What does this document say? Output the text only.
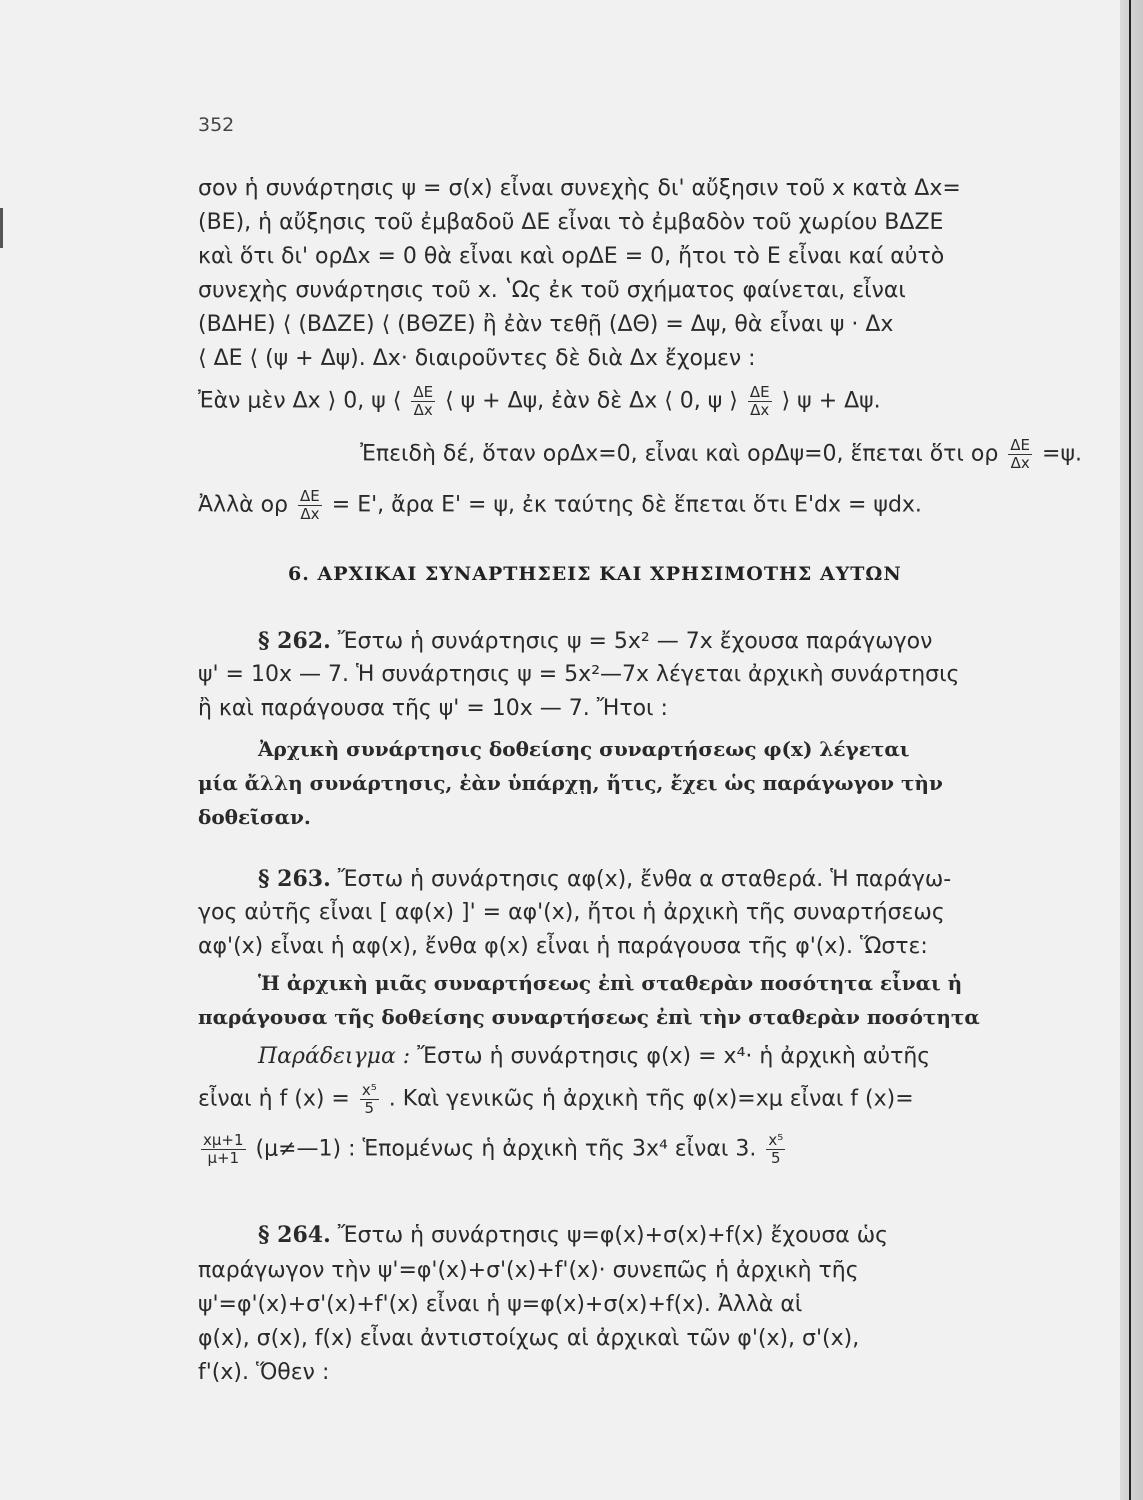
352
σον ἡ συνάρτησις ψ = σ(x) εἶναι συνεχὴς δι' αὔξησιν τοῦ x κατὰ Δx=
(ΒΕ), ἡ αὔξησις τοῦ ἐμβαδοῦ ΔΕ εἶναι τὸ ἐμβαδὸν τοῦ χωρίου ΒΔΖΕ
καὶ ὅτι δι' ορΔx = 0 θὰ εἶναι καὶ ορΔΕ = 0, ἤτοι τὸ Ε εἶναι καί αὐτὸ
συνεχὴς συνάρτησις τοῦ x. ʽΩς ἐκ τοῦ σχήματος φαίνεται, εἶναι
(ΒΔΗΕ) ⟨ (ΒΔΖΕ) ⟨ (ΒΘΖΕ) ἢ ἐὰν τεθῇ (ΔΘ) = Δψ, θὰ εἶναι ψ · Δx
⟨ ΔΕ ⟨ (ψ + Δψ). Δx· διαιροῦντες δὲ διὰ Δx ἔχομεν :
Ἐὰν μὲν Δx ⟩ 0, ψ ⟨ $\frac{\Delta E}{\Delta x}$ ⟨ ψ + Δψ, ἐὰν δὲ Δx ⟨ 0, ψ ⟩ $\frac{\Delta E}{\Delta x}$ ⟩ ψ + Δψ.
Ἐπειδὴ δέ, ὅταν ορΔx=0, εἶναι καὶ ορΔψ=0, ἕπεται ὅτι ορ $\frac{\Delta E}{\Delta x} =\psi$.
Ἀλλὰ ορ $\frac{\Delta E}{\Delta x} = E'$, ἄρα Ε' = ψ, ἐκ ταύτης δὲ ἕπεται ὅτι Ε'dx = ψdx.
6. ΑΡΧΙΚΑΙ ΣΥΝΑΡΤΗΣΕΙΣ ΚΑΙ ΧΡΗΣΙΜΟΤΗΣ ΑΥΤΩΝ
§ 262. Ἔστω ἡ συνάρτησις ψ = 5x² — 7x ἔχουσα παράγωγον
ψ' = 10x — 7. Ἡ συνάρτησις ψ = 5x²—7x λέγεται ἀρχικὴ συνάρτησις
ἢ καὶ παράγουσα τῆς ψ' = 10x — 7. Ἤτοι :
Ἀρχικὴ συνάρτησις δοθείσης συναρτήσεως φ(x) λέγεται
μία ἄλλη συνάρτησις, ἐὰν ὑπάρχῃ, ἥτις, ἔχει ὡς παράγωγον τὴν
δοθεῖσαν.
§ 263. Ἔστω ἡ συνάρτησις αφ(x), ἔνθα α σταθερά. Ἡ παράγω-
γος αὐτῆς εἶναι [ αφ(x) ]' = αφ'(x), ἤτοι ἡ ἀρχικὴ τῆς συναρτήσεως
αφ'(x) εἶναι ἡ αφ(x), ἔνθα φ(x) εἶναι ἡ παράγουσα τῆς φ'(x). Ὥστε:
Ἡ ἀρχικὴ μιᾶς συναρτήσεως ἐπὶ σταθερὰν ποσότητα εἶναι ἡ
παράγουσα τῆς δοθείσης συναρτήσεως ἐπὶ τὴν σταθερὰν ποσότητα
Παράδειγμα : Ἔστω ἡ συνάρτησις φ(x) = x⁴· ἡ ἀρχικὴ αὐτῆς
εἶναι ἡ f $(x) = \frac{\text{x⁵}}{5}$ . Καὶ γενικῶς ἡ ἀρχικὴ τῆς φ(x)=xμ εἶναι f (x)=
$\frac{x\mu+1}{\mu+1}$ (μ≠—1) : Ἑπομένως ἡ ἀρχικὴ τῆς 3x⁴ εἶναι 3. $\frac{\text{x⁵}}{5}$
§ 264. Ἔστω ἡ συνάρτησις ψ=φ(x)+σ(x)+f(x) ἔχουσα ὡς
παράγωγον τὴν ψ'=φ'(x)+σ'(x)+f'(x)· συνεπῶς ἡ ἀρχικὴ τῆς
ψ'=φ'(x)+σ'(x)+f'(x) εἶναι ἡ ψ=φ(x)+σ(x)+f(x). Ἀλλὰ αἱ
φ(x), σ(x), f(x) εἶναι ἀντιστοίχως αἱ ἀρχικαὶ τῶν φ'(x), σ'(x),
f'(x). Ὅθεν :
